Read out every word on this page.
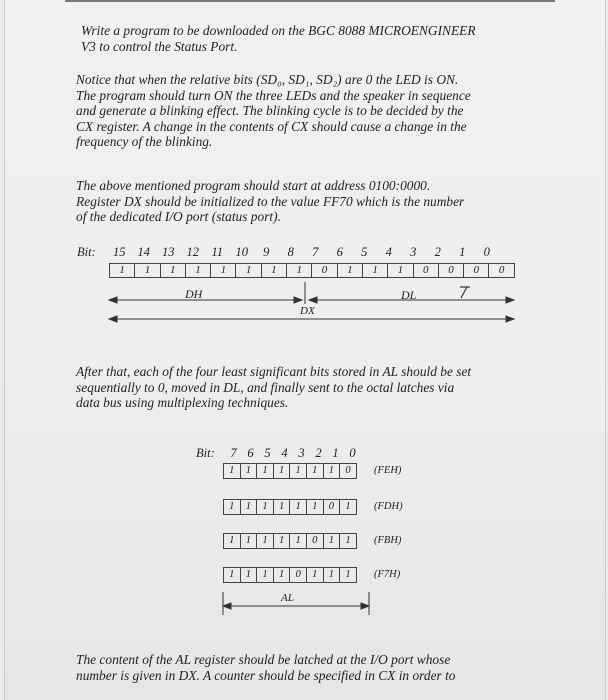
Write a program to be downloaded on the BGC 8088 MICROENGINEER
V3 to control the Status Port.
Notice that when the relative bits (SD₀, SD₁, SD₂) are 0 the LED is ON.
The program should turn ON the three LEDs and the speaker in sequence
and generate a blinking effect. The blinking cycle is to be decided by the
CX register. A change in the contents of CX should cause a change in the
frequency of the blinking.
The above mentioned program should start at address 0100:0000.
Register DX should be initialized to the value FF70 which is the number
of the dedicated I/O port (status port).
Bit:	15 14 13 12 11 10	9	8	7	6	5	4	3	2	1	0
1	1	1	1	1	1	1	1	0	1	1	1	0	0	0	0
DH	DL
DX
After that, each of the four least significant bits stored in AL should be set
sequentially to 0, moved in DL, and finally sent to the octal latches via
data bus using multiplexing techniques.
Bit:	7 6 5 4 3 2 1 0
1	1	1	1	1	1	1	0	(FEH)
1	1	1	1	1	1	0	1	(FDH)
1	1	1	1	1	0	1	1	(FBH)
1	1	1	1	0	1	1	1	(F7H)
AL
The content of the AL register should be latched at the I/O port whose
number is given in DX. A counter should be specified in CX in order to
